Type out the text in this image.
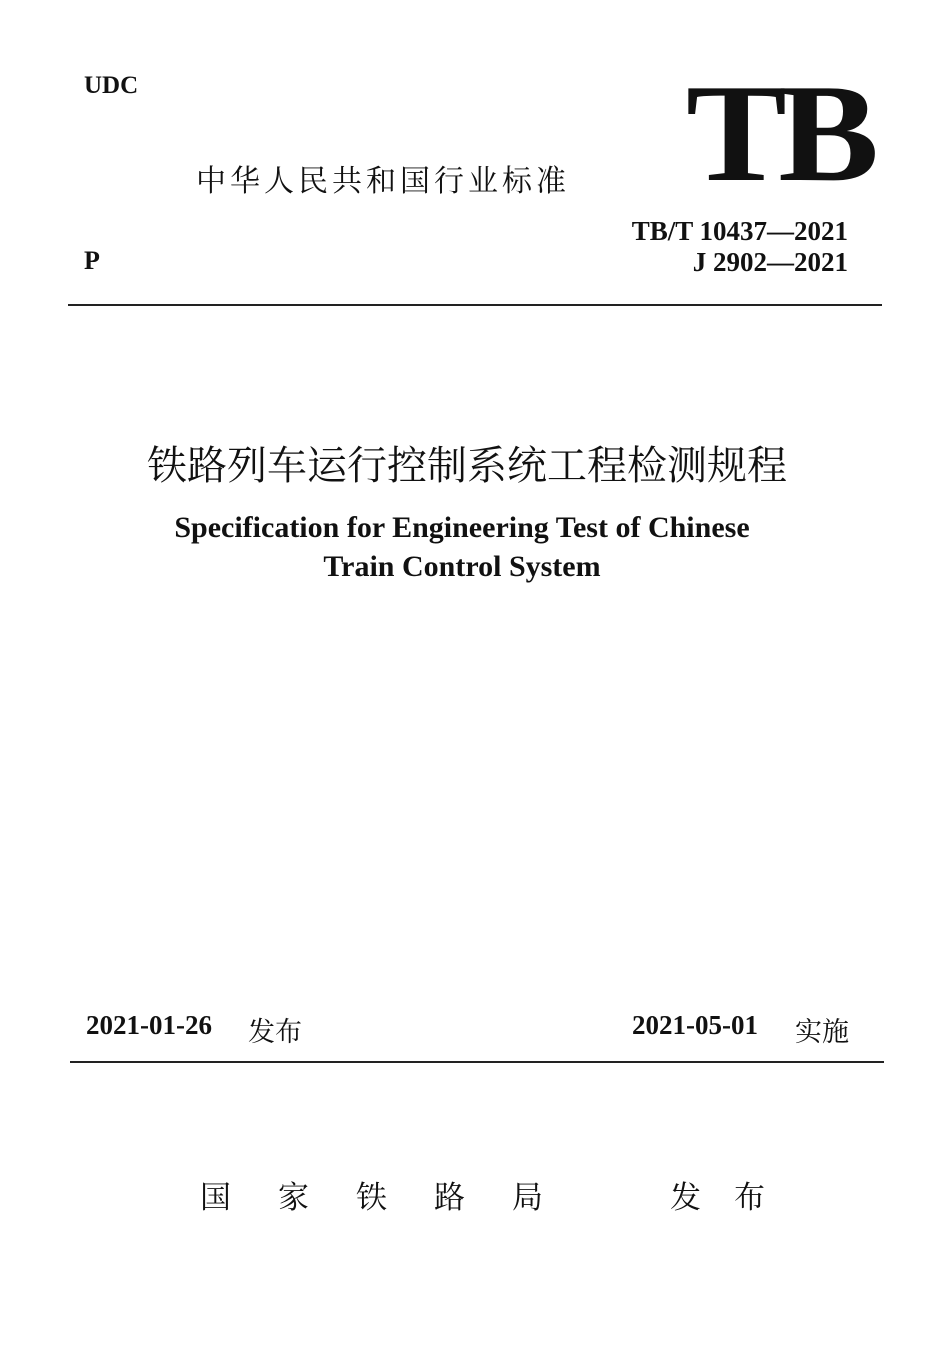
UDC
中华人民共和国行业标准 TB
TB/T 10437—2021
J 2902—2021
P
铁路列车运行控制系统工程检测规程
Specification for Engineering Test of Chinese
Train Control System
2021-01-26 发布	2021-05-01 实施
国家铁路局	发布
